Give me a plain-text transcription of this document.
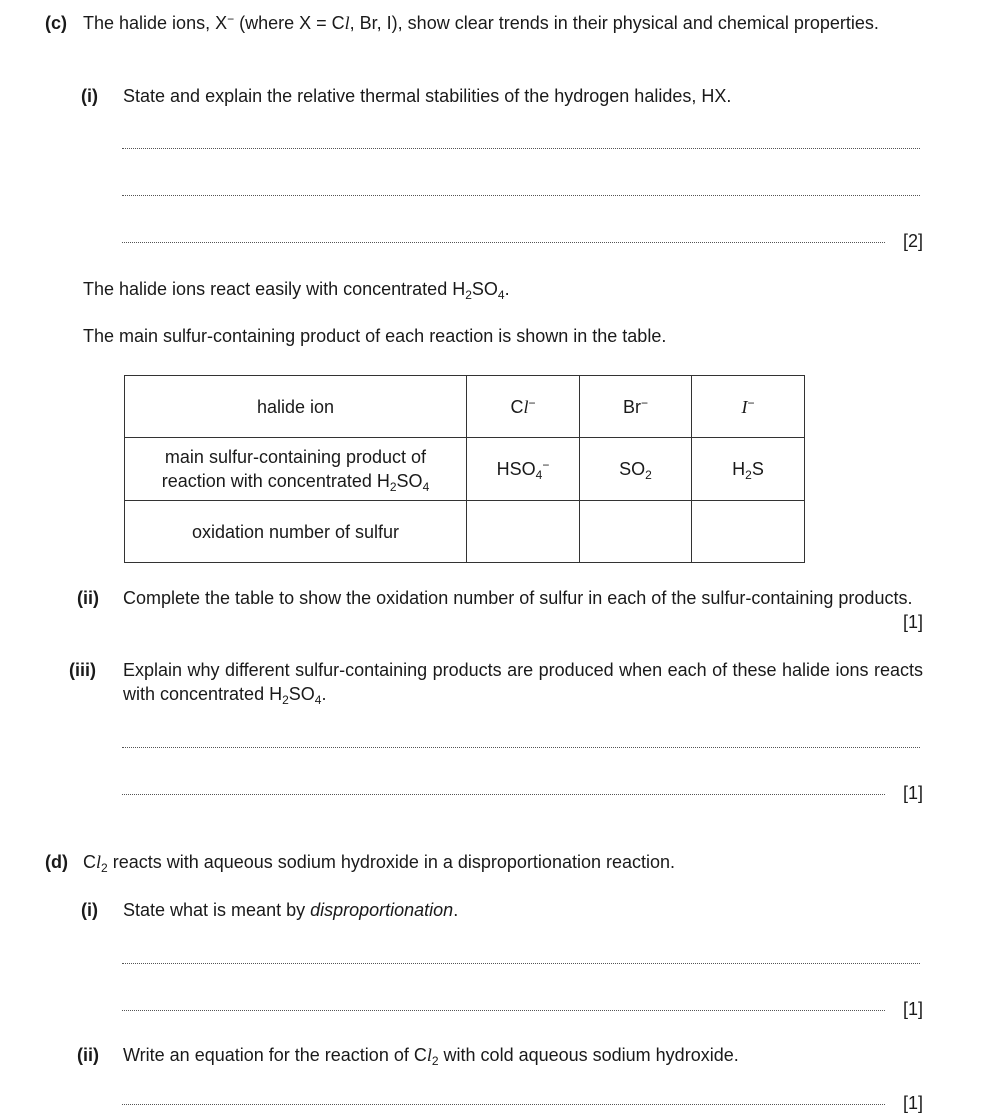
(c) The halide ions, X− (where X = Cl, Br, I), show clear trends in their physical and chemical properties.
(i) State and explain the relative thermal stabilities of the hydrogen halides, HX.
[2]
The halide ions react easily with concentrated $H_2SO_4$.
The main sulfur-containing product of each reaction is shown in the table.
halide ion	Cl−	Br−	I−

main sulfur-containing product of
reaction with concentrated $H_2SO_4$	$HSO_4^-$	$SO_2$	$H_2S$
oxidation number of sulfur			
(ii) Complete the table to show the oxidation number of sulfur in each of the sulfur-containing products.
[1]
(iii) Explain why different sulfur-containing products are produced when each of these halide ions reacts with concentrated $H_2SO_4$.
[1]
(d) $Cl_2$ reacts with aqueous sodium hydroxide in a disproportionation reaction.
(i) State what is meant by disproportionation.
[1]
(ii) Write an equation for the reaction of $Cl_2$ with cold aqueous sodium hydroxide.
[1]
